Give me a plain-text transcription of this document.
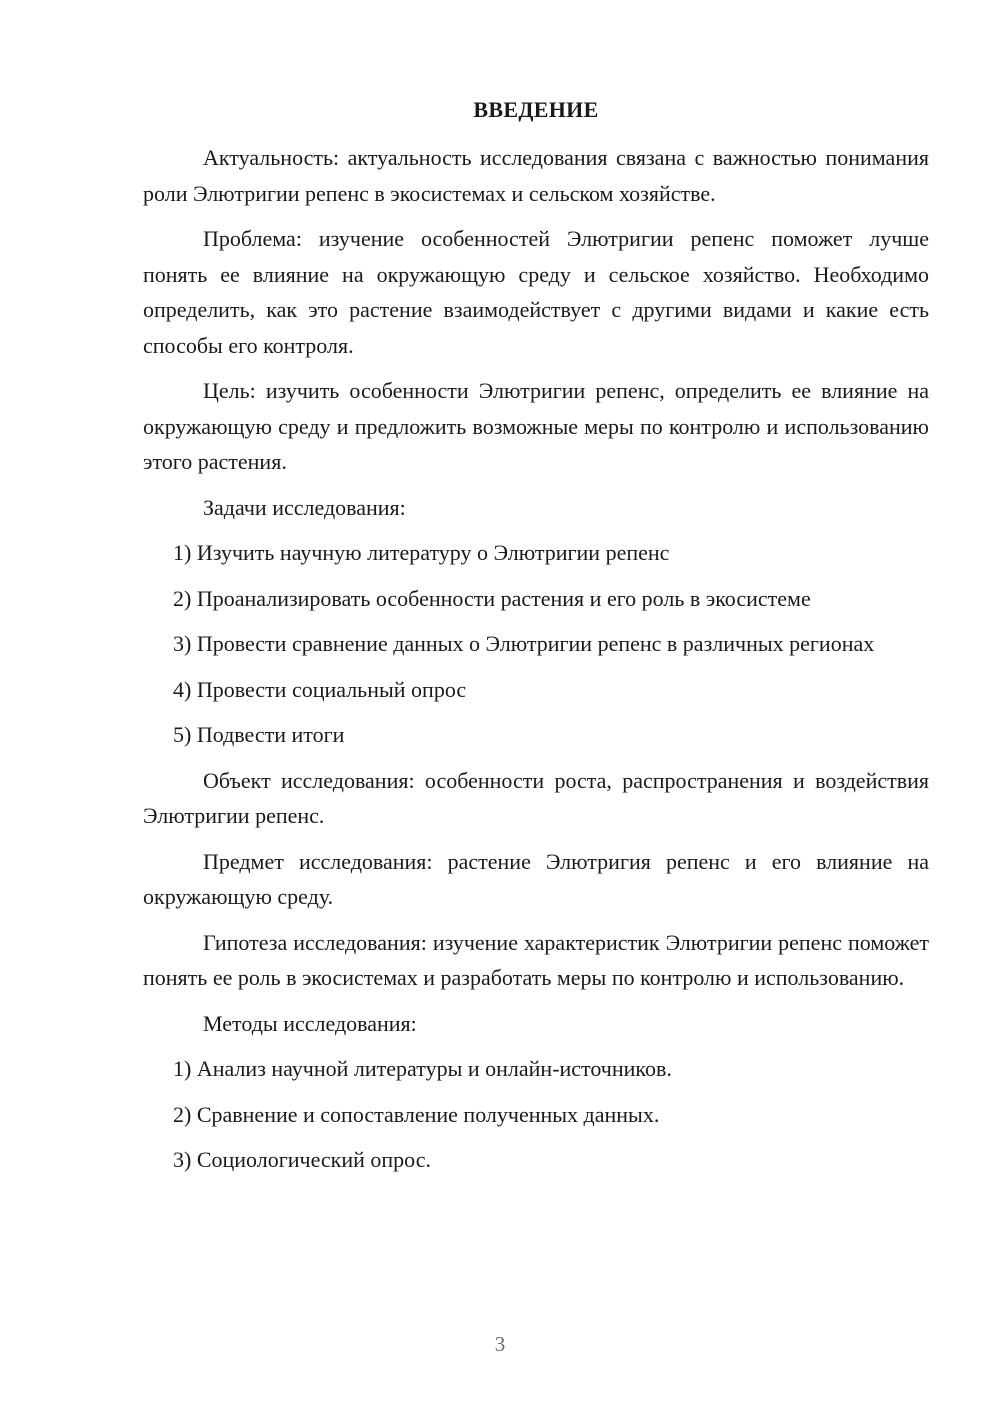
ВВЕДЕНИЕ

Актуальность: актуальность исследования связана с важностью понимания роли Элютригии репенс в экосистемах и сельском хозяйстве.

Проблема: изучение особенностей Элютригии репенс поможет лучше понять ее влияние на окружающую среду и сельское хозяйство. Необходимо определить, как это растение взаимодействует с другими видами и какие есть способы его контроля.

Цель: изучить особенности Элютригии репенс, определить ее влияние на окружающую среду и предложить возможные меры по контролю и использованию этого растения.

Задачи исследования:

1) Изучить научную литературу о Элютригии репенс

2) Проанализировать особенности растения и его роль в экосистеме

3) Провести сравнение данных о Элютригии репенс в различных регионах

4) Провести социальный опрос

5) Подвести итоги

Объект исследования: особенности роста, распространения и воздействия Элютригии репенс.

Предмет исследования: растение Элютригия репенс и его влияние на окружающую среду.

Гипотеза исследования: изучение характеристик Элютригии репенс поможет понять ее роль в экосистемах и разработать меры по контролю и использованию.

Методы исследования:

1) Анализ научной литературы и онлайн-источников.

2) Сравнение и сопоставление полученных данных.

3) Социологический опрос.

3
